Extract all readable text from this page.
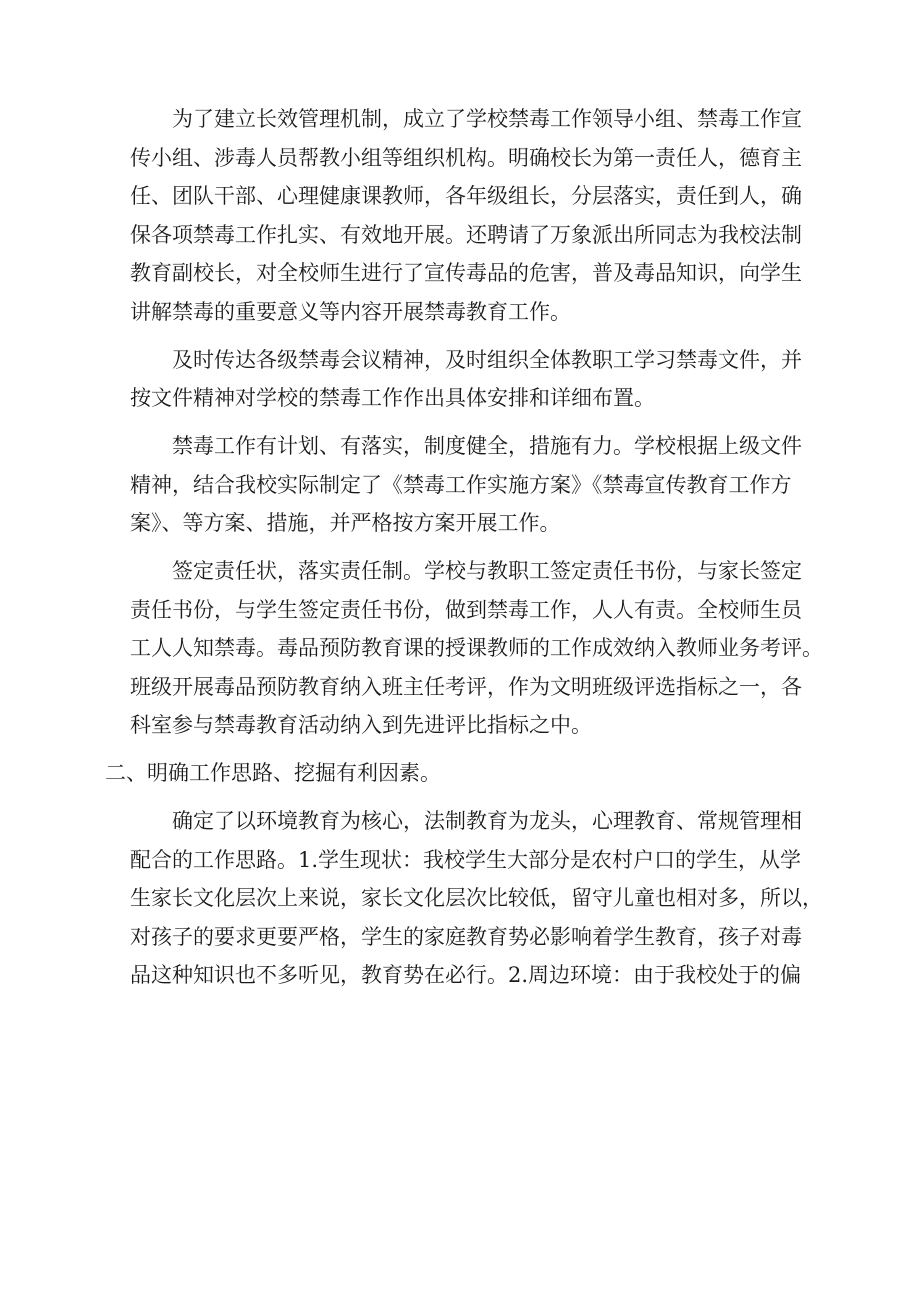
为了建立长效管理机制，成立了学校禁毒工作领导小组、禁毒工作宣
传小组、涉毒人员帮教小组等组织机构。明确校长为第一责任人，德育主
任、团队干部、心理健康课教师，各年级组长，分层落实，责任到人，确
保各项禁毒工作扎实、有效地开展。还聘请了万象派出所同志为我校法制
教育副校长，对全校师生进行了宣传毒品的危害，普及毒品知识，向学生
讲解禁毒的重要意义等内容开展禁毒教育工作。

及时传达各级禁毒会议精神，及时组织全体教职工学习禁毒文件，并
按文件精神对学校的禁毒工作作出具体安排和详细布置。

禁毒工作有计划、有落实，制度健全，措施有力。学校根据上级文件
精神，结合我校实际制定了《禁毒工作实施方案》《禁毒宣传教育工作方
案》、等方案、措施，并严格按方案开展工作。

签定责任状，落实责任制。学校与教职工签定责任书份，与家长签定
责任书份，与学生签定责任书份，做到禁毒工作，人人有责。全校师生员
工人人知禁毒。毒品预防教育课的授课教师的工作成效纳入教师业务考评。
班级开展毒品预防教育纳入班主任考评，作为文明班级评选指标之一，各
科室参与禁毒教育活动纳入到先进评比指标之中。

二、明确工作思路、挖掘有利因素。

确定了以环境教育为核心，法制教育为龙头，心理教育、常规管理相
配合的工作思路。1.学生现状：我校学生大部分是农村户口的学生，从学
生家长文化层次上来说，家长文化层次比较低，留守儿童也相对多，所以，
对孩子的要求更要严格，学生的家庭教育势必影响着学生教育，孩子对毒
品这种知识也不多听见，教育势在必行。2.周边环境：由于我校处于的偏
